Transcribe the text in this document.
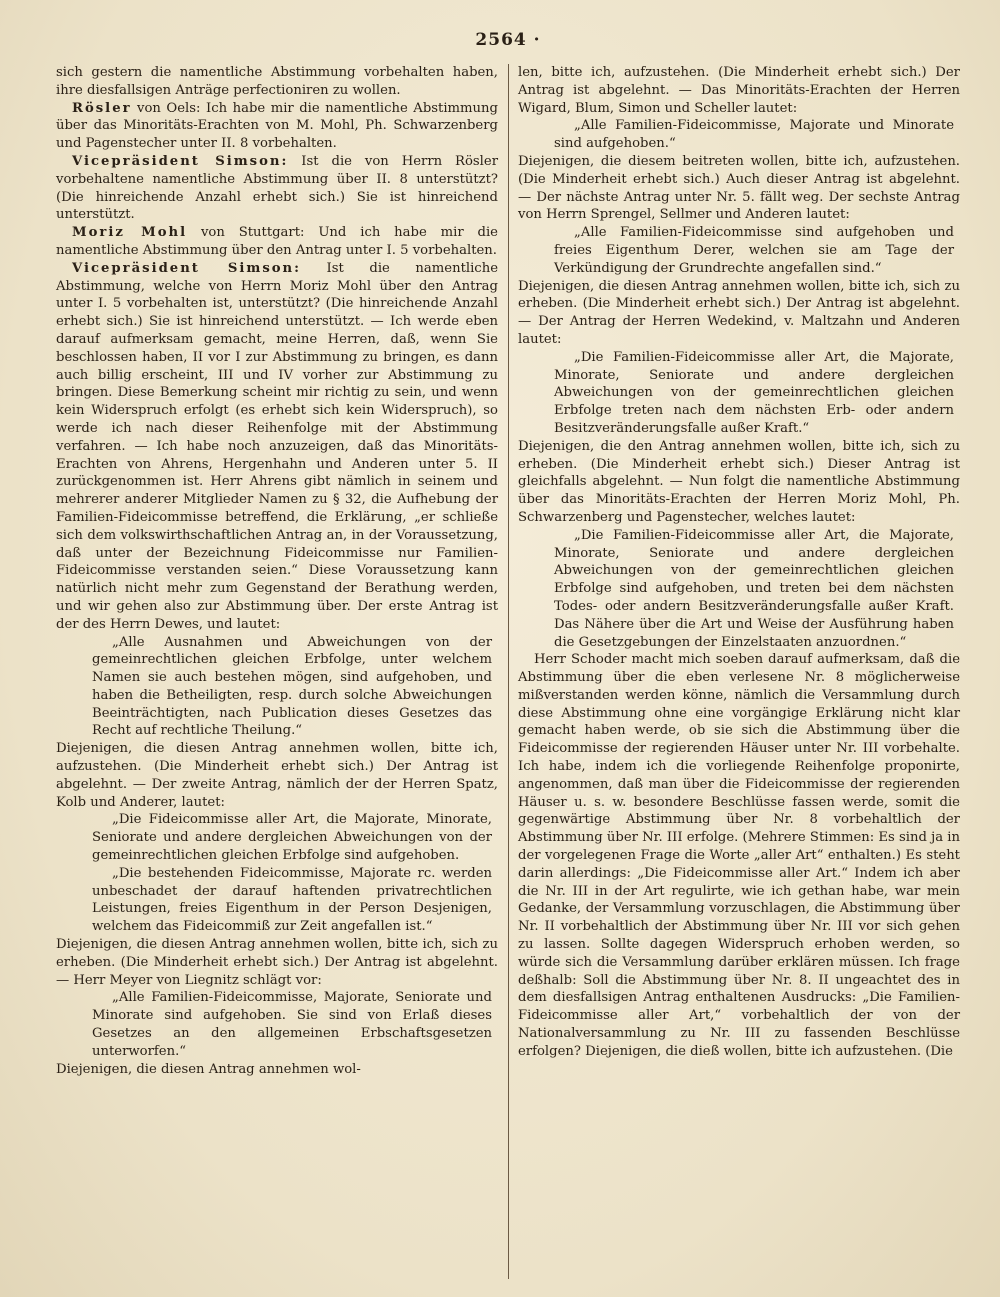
2564 ·

sich gestern die namentliche Abstimmung vorbehalten haben, ihre diesfallsigen Anträge perfectioniren zu wollen.

Rösler von Oels: Ich habe mir die namentliche Abstimmung über das Minoritäts-Erachten von M. Mohl, Ph. Schwarzenberg und Pagenstecher unter II. 8 vorbehalten.

Vicepräsident Simson: Ist die von Herrn Rösler vorbehaltene namentliche Abstimmung über II. 8 unterstützt? (Die hinreichende Anzahl erhebt sich.) Sie ist hinreichend unterstützt.

Moriz Mohl von Stuttgart: Und ich habe mir die namentliche Abstimmung über den Antrag unter I. 5 vorbehalten.

Vicepräsident Simson: Ist die namentliche Abstimmung, welche von Herrn Moriz Mohl über den Antrag unter I. 5 vorbehalten ist, unterstützt? (Die hinreichende Anzahl erhebt sich.) Sie ist hinreichend unterstützt. — Ich werde eben darauf aufmerksam gemacht, meine Herren, daß, wenn Sie beschlossen haben, II vor I zur Abstimmung zu bringen, es dann auch billig erscheint, III und IV vorher zur Abstimmung zu bringen. Diese Bemerkung scheint mir richtig zu sein, und wenn kein Widerspruch erfolgt (es erhebt sich kein Widerspruch), so werde ich nach dieser Reihenfolge mit der Abstimmung verfahren. — Ich habe noch anzuzeigen, daß das Minoritäts-Erachten von Ahrens, Hergenhahn und Anderen unter 5. II zurückgenommen ist. Herr Ahrens gibt nämlich in seinem und mehrerer anderer Mitglieder Namen zu § 32, die Aufhebung der Familien-Fideicommisse betreffend, die Erklärung, „er schließe sich dem volkswirthschaftlichen Antrag an, in der Voraussetzung, daß unter der Bezeichnung Fideicommisse nur Familien-Fideicommisse verstanden seien.“ Diese Voraussetzung kann natürlich nicht mehr zum Gegenstand der Berathung werden, und wir gehen also zur Abstimmung über. Der erste Antrag ist der des Herrn Dewes, und lautet:

„Alle Ausnahmen und Abweichungen von der gemeinrechtlichen gleichen Erbfolge, unter welchem Namen sie auch bestehen mögen, sind aufgehoben, und haben die Betheiligten, resp. durch solche Abweichungen Beeinträchtigten, nach Publication dieses Gesetzes das Recht auf rechtliche Theilung.“

Diejenigen, die diesen Antrag annehmen wollen, bitte ich, aufzustehen. (Die Minderheit erhebt sich.) Der Antrag ist abgelehnt. — Der zweite Antrag, nämlich der der Herren Spatz, Kolb und Anderer, lautet:

„Die Fideicommisse aller Art, die Majorate, Minorate, Seniorate und andere dergleichen Abweichungen von der gemeinrechtlichen gleichen Erbfolge sind aufgehoben.

„Die bestehenden Fideicommisse, Majorate rc. werden unbeschadet der darauf haftenden privatrechtlichen Leistungen, freies Eigenthum in der Person Desjenigen, welchem das Fideicommiß zur Zeit angefallen ist.“

Diejenigen, die diesen Antrag annehmen wollen, bitte ich, sich zu erheben. (Die Minderheit erhebt sich.) Der Antrag ist abgelehnt. — Herr Meyer von Liegnitz schlägt vor:

„Alle Familien-Fideicommisse, Majorate, Seniorate und Minorate sind aufgehoben. Sie sind von Erlaß dieses Gesetzes an den allgemeinen Erbschaftsgesetzen unterworfen.“

Diejenigen, die diesen Antrag annehmen wol-

len, bitte ich, aufzustehen. (Die Minderheit erhebt sich.) Der Antrag ist abgelehnt. — Das Minoritäts-Erachten der Herren Wigard, Blum, Simon und Scheller lautet:

„Alle Familien-Fideicommisse, Majorate und Minorate sind aufgehoben.“

Diejenigen, die diesem beitreten wollen, bitte ich, aufzustehen. (Die Minderheit erhebt sich.) Auch dieser Antrag ist abgelehnt. — Der nächste Antrag unter Nr. 5. fällt weg. Der sechste Antrag von Herrn Sprengel, Sellmer und Anderen lautet:

„Alle Familien-Fideicommisse sind aufgehoben und freies Eigenthum Derer, welchen sie am Tage der Verkündigung der Grundrechte angefallen sind.“

Diejenigen, die diesen Antrag annehmen wollen, bitte ich, sich zu erheben. (Die Minderheit erhebt sich.) Der Antrag ist abgelehnt. — Der Antrag der Herren Wedekind, v. Maltzahn und Anderen lautet:

„Die Familien-Fideicommisse aller Art, die Majorate, Minorate, Seniorate und andere dergleichen Abweichungen von der gemeinrechtlichen gleichen Erbfolge treten nach dem nächsten Erb- oder andern Besitzveränderungsfalle außer Kraft.“

Diejenigen, die den Antrag annehmen wollen, bitte ich, sich zu erheben. (Die Minderheit erhebt sich.) Dieser Antrag ist gleichfalls abgelehnt. — Nun folgt die namentliche Abstimmung über das Minoritäts-Erachten der Herren Moriz Mohl, Ph. Schwarzenberg und Pagenstecher, welches lautet:

„Die Familien-Fideicommisse aller Art, die Majorate, Minorate, Seniorate und andere dergleichen Abweichungen von der gemeinrechtlichen gleichen Erbfolge sind aufgehoben, und treten bei dem nächsten Todes- oder andern Besitzveränderungsfalle außer Kraft. Das Nähere über die Art und Weise der Ausführung haben die Gesetzgebungen der Einzelstaaten anzuordnen.“

Herr Schoder macht mich soeben darauf aufmerksam, daß die Abstimmung über die eben verlesene Nr. 8 möglicherweise mißverstanden werden könne, nämlich die Versammlung durch diese Abstimmung ohne eine vorgängige Erklärung nicht klar gemacht haben werde, ob sie sich die Abstimmung über die Fideicommisse der regierenden Häuser unter Nr. III vorbehalte. Ich habe, indem ich die vorliegende Reihenfolge proponirte, angenommen, daß man über die Fideicommisse der regierenden Häuser u. s. w. besondere Beschlüsse fassen werde, somit die gegenwärtige Abstimmung über Nr. 8 vorbehaltlich der Abstimmung über Nr. III erfolge. (Mehrere Stimmen: Es sind ja in der vorgelegenen Frage die Worte „aller Art“ enthalten.) Es steht darin allerdings: „Die Fideicommisse aller Art.“ Indem ich aber die Nr. III in der Art regulirte, wie ich gethan habe, war mein Gedanke, der Versammlung vorzuschlagen, die Abstimmung über Nr. II vorbehaltlich der Abstimmung über Nr. III vor sich gehen zu lassen. Sollte dagegen Widerspruch erhoben werden, so würde sich die Versammlung darüber erklären müssen. Ich frage deßhalb: Soll die Abstimmung über Nr. 8. II ungeachtet des in dem diesfallsigen Antrag enthaltenen Ausdrucks: „Die Familien-Fideicommisse aller Art,“ vorbehaltlich der von der Nationalversammlung zu Nr. III zu fassenden Beschlüsse erfolgen? Diejenigen, die dieß wollen, bitte ich aufzustehen. (Die
